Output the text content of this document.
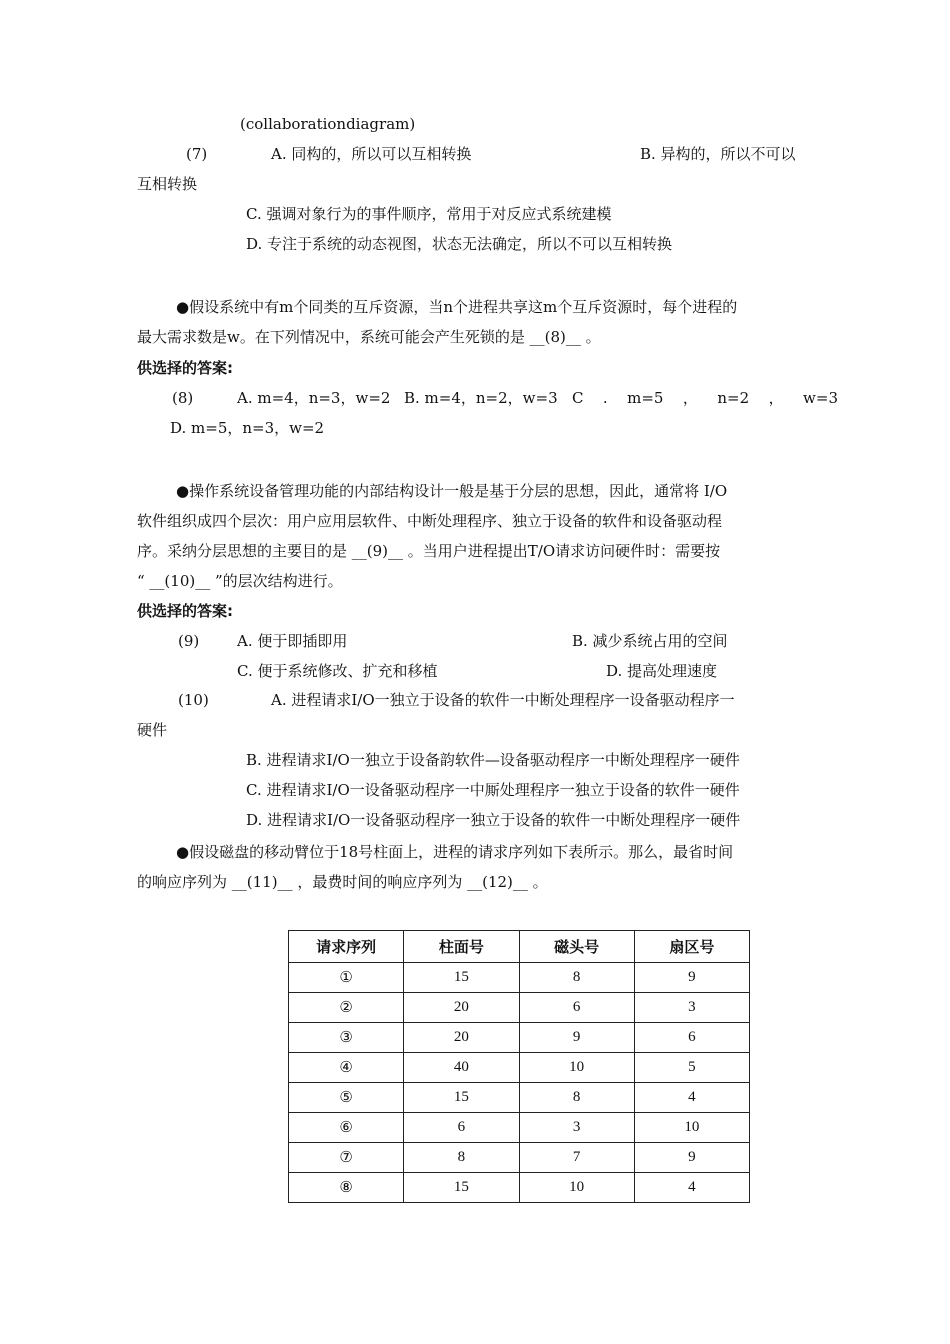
(collaborationdiagram)
(7)	A. 同构的，所以可以互相转换	B. 异构的，所以不可以
互相转换
C. 强调对象行为的事件顺序，常用于对反应式系统建模
D. 专注于系统的动态视图，状态无法确定，所以不可以互相转换
●假设系统中有m个同类的互斥资源，当n个进程共享这m个互斥资源时，每个进程的
最大需求数是w。在下列情况中，系统可能会产生死锁的是 __(8)__ 。
供选择的答案:
(8)	A. m=4，n=3，w=2 B. m=4，n=2，w=3 C . m=5 ， n=2 ， w=3
D. m=5，n=3，w=2
●操作系统设备管理功能的内部结构设计一般是基于分层的思想，因此，通常将 I/O
软件组织成四个层次：用户应用层软件、中断处理程序、独立于设备的软件和设备驱动程
序。采纳分层思想的主要目的是 __(9)__ 。当用户进程提出T/O请求访问硬件时：需要按
“ __(10)__ ”的层次结构进行。
供选择的答案:
(9)	A. 便于即插即用	B. 减少系统占用的空间
C. 便于系统修改、扩充和移植	D. 提高处理速度
(10)	A. 进程请求I/O一独立于设备的软件一中断处理程序一设备驱动程序一
硬件
B. 进程请求I/O一独立于设备韵软件—设备驱动程序一中断处理程序一硬件
C. 进程请求I/O一设备驱动程序一中厮处理程序一独立于设备的软件一硬件
D. 进程请求I/O一设备驱动程序一独立于设备的软件一中断处理程序一硬件
●假设磁盘的移动臂位于18号柱面上，进程的请求序列如下表所示。那么，最省时间
的响应序列为 __(11)__ ，最费时间的响应序列为 __(12)__ 。
请求序列	柱面号	磁头号	扇区号
①	15	8	9
②	20	6	3
③	20	9	6
④	40	10	5
⑤	15	8	4
⑥	6	3	10
⑦	8	7	9
⑧	15	10	4
